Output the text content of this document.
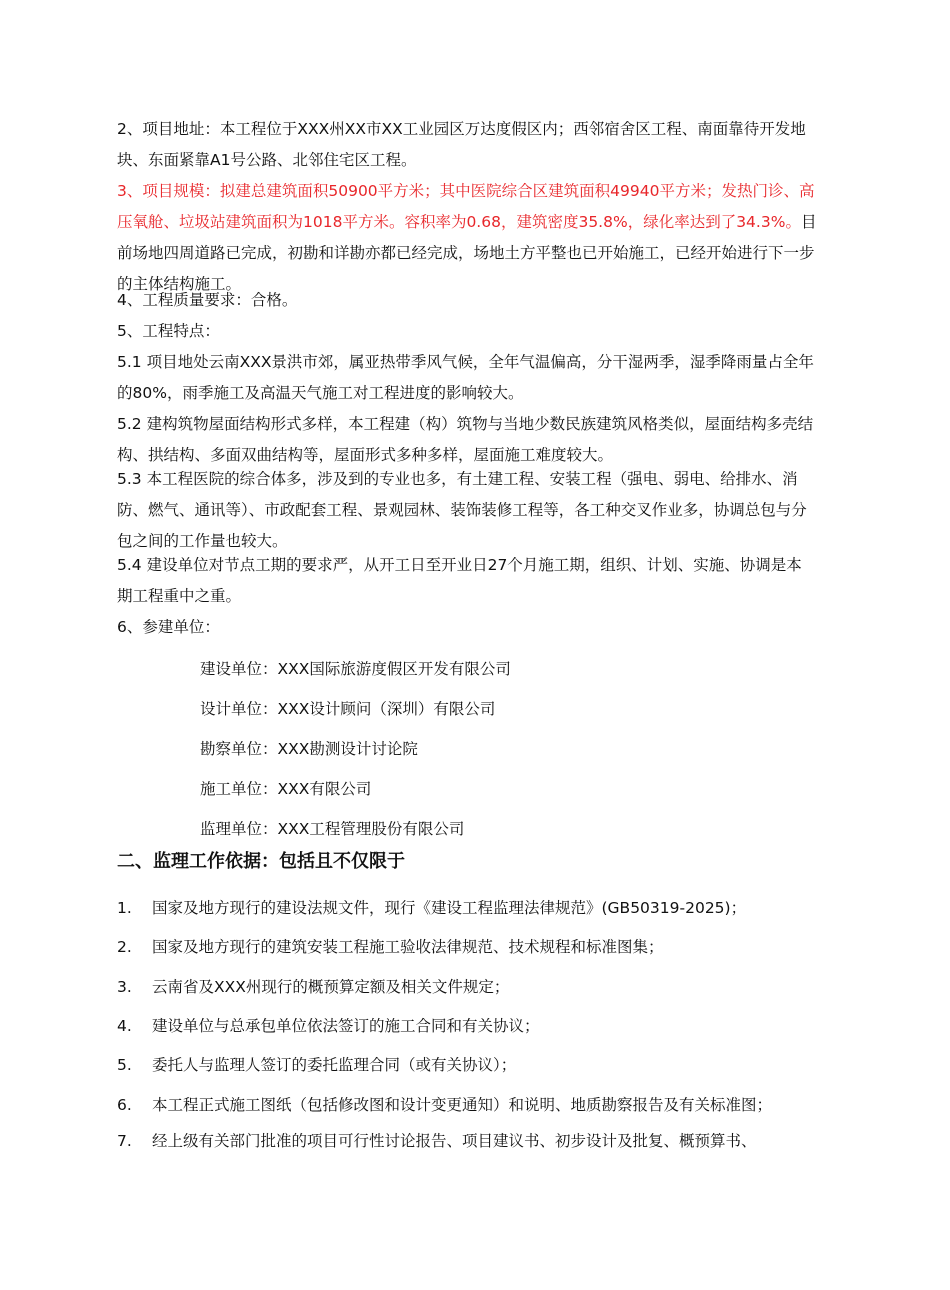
2、项目地址：本工程位于XXX州XX市XX工业园区万达度假区内；西邻宿舍区工程、南面靠待开发地块、东面紧靠A1号公路、北邻住宅区工程。

3、项目规模：拟建总建筑面积50900平方米；其中医院综合区建筑面积49940平方米；发热门诊、高压氧舱、垃圾站建筑面积为1018平方米。容积率为0.68，建筑密度35.8%，绿化率达到了34.3%。目前场地四周道路已完成，初勘和详勘亦都已经完成，场地土方平整也已开始施工，已经开始进行下一步的主体结构施工。

4、工程质量要求：合格。

5、工程特点：

5.1 项目地处云南XXX景洪市郊，属亚热带季风气候，全年气温偏高，分干湿两季，湿季降雨量占全年的80%，雨季施工及高温天气施工对工程进度的影响较大。

5.2 建构筑物屋面结构形式多样，本工程建（构）筑物与当地少数民族建筑风格类似，屋面结构多壳结构、拱结构、多面双曲结构等，屋面形式多种多样，屋面施工难度较大。

5.3 本工程医院的综合体多，涉及到的专业也多，有土建工程、安装工程（强电、弱电、给排水、消防、燃气、通讯等）、市政配套工程、景观园林、装饰装修工程等，各工种交叉作业多，协调总包与分包之间的工作量也较大。

5.4 建设单位对节点工期的要求严，从开工日至开业日27个月施工期，组织、计划、实施、协调是本期工程重中之重。

6、参建单位：

建设单位：XXX国际旅游度假区开发有限公司

设计单位：XXX设计顾问（深圳）有限公司

勘察单位：XXX勘测设计讨论院

施工单位：XXX有限公司

监理单位：XXX工程管理股份有限公司

二、监理工作依据：包括且不仅限于

1. 国家及地方现行的建设法规文件，现行《建设工程监理法律规范》(GB50319-2025)；

2. 国家及地方现行的建筑安装工程施工验收法律规范、技术规程和标准图集；

3. 云南省及XXX州现行的概预算定额及相关文件规定；

4. 建设单位与总承包单位依法签订的施工合同和有关协议；

5. 委托人与监理人签订的委托监理合同（或有关协议）；

6. 本工程正式施工图纸（包括修改图和设计变更通知）和说明、地质勘察报告及有关标准图；

7. 经上级有关部门批准的项目可行性讨论报告、项目建议书、初步设计及批复、概预算书、
